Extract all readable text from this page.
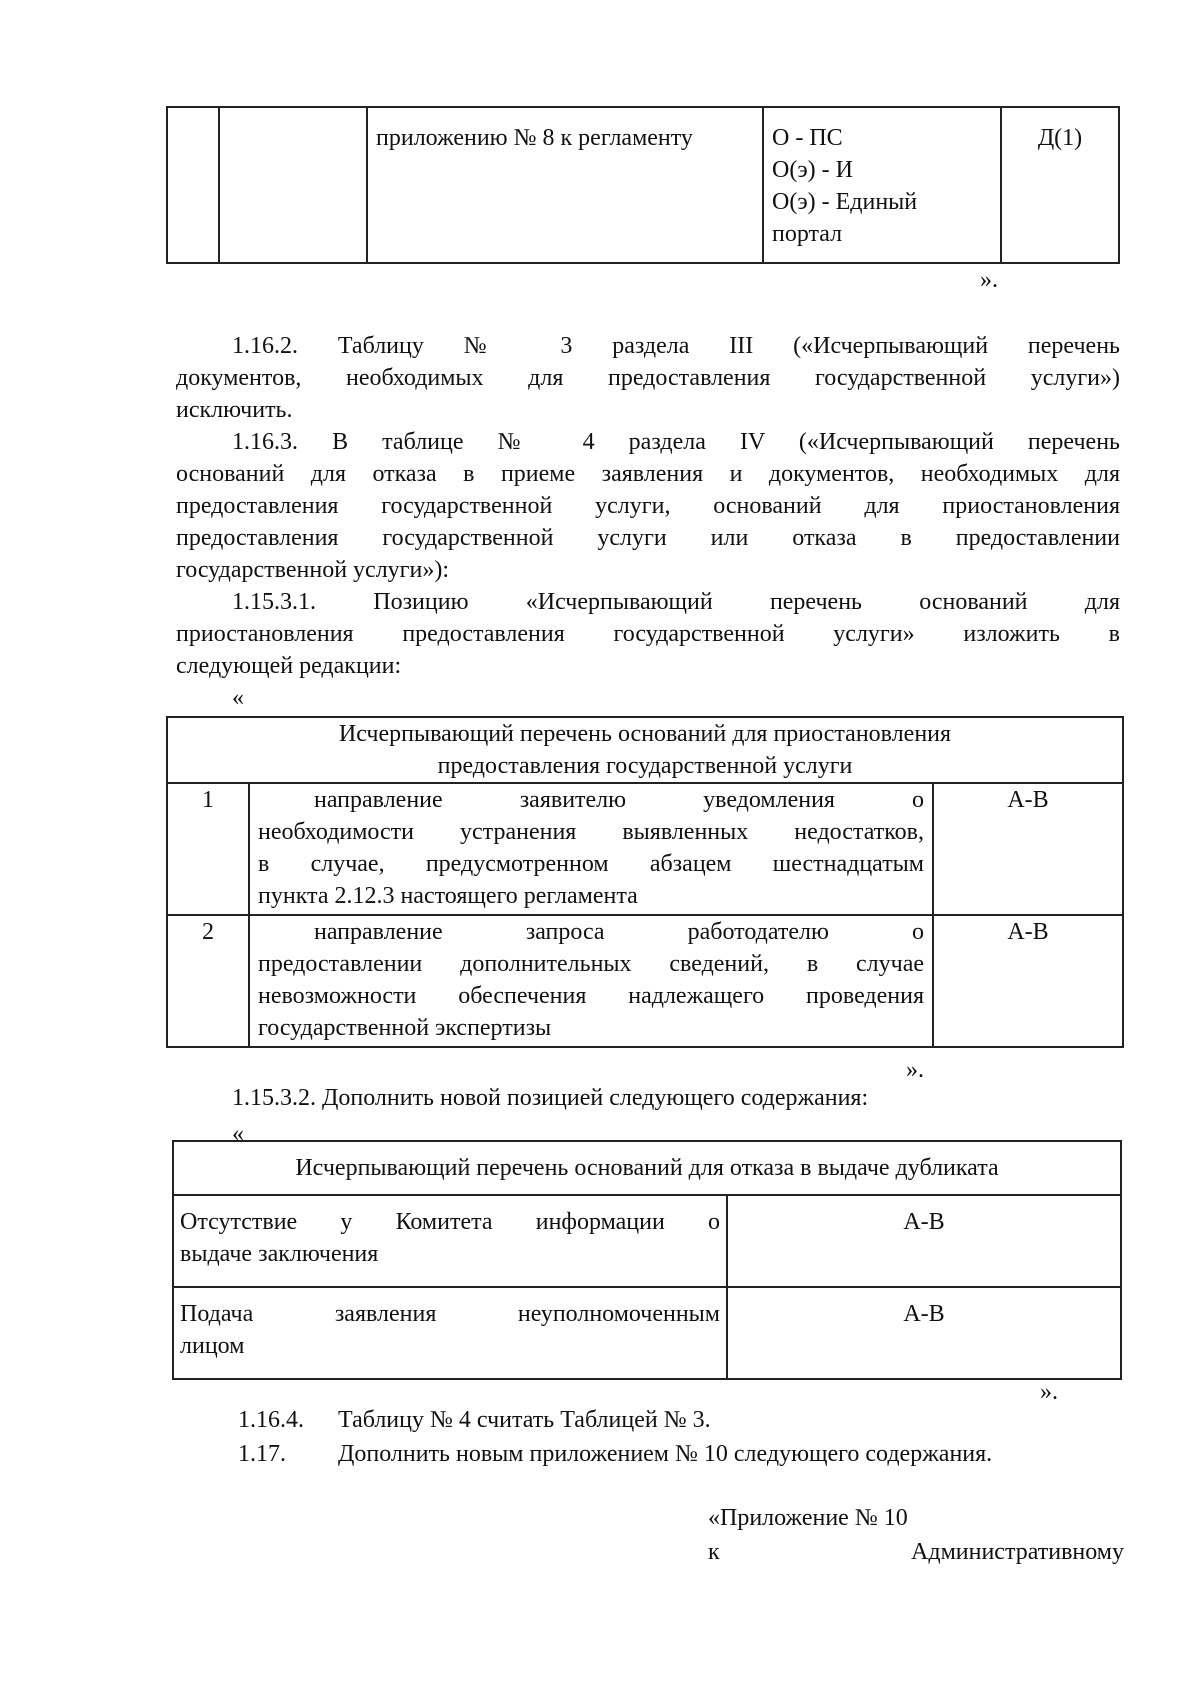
		приложению № 8 к регламенту	О - ПС
О(э) - И
О(э) - Единый
портал
	Д(1)
».
1.16.2. Таблицу № 3 раздела III («Исчерпывающий перечень
документов, необходимых для предоставления государственной услуги»)
исключить.
1.16.3. В таблице № 4 раздела IV («Исчерпывающий перечень
оснований для отказа в приеме заявления и документов, необходимых для
предоставления государственной услуги, оснований для приостановления
предоставления государственной услуги или отказа в предоставлении
государственной услуги»):
1.15.3.1. Позицию «Исчерпывающий перечень оснований для
приостановления предоставления государственной услуги» изложить в
следующей редакции:
«
Исчерпывающий перечень оснований для приостановления
предоставления государственной услуги		

1	направление заявителю уведомления о
необходимости устранения выявленных недостатков,
в случае, предусмотренном абзацем шестнадцатым
пункта 2.12.3 настоящего регламента	А-В
2	направление запроса работодателю о
предоставлении дополнительных сведений, в случае
невозможности обеспечения надлежащего проведения
государственной экспертизы	А-В
».
1.15.3.2. Дополнить новой позицией следующего содержания:
«
Исчерпывающий перечень оснований для отказа в выдаче дубликата	

Отсутствие у Комитета информации о
выдаче заключения	А-В

Подача заявления неуполномоченным
лицом	А-В
».
1.16.4. Таблицу № 4 считать Таблицей № 3.
1.17. Дополнить новым приложением № 10 следующего содержания.
«Приложение № 10
к	Административному
